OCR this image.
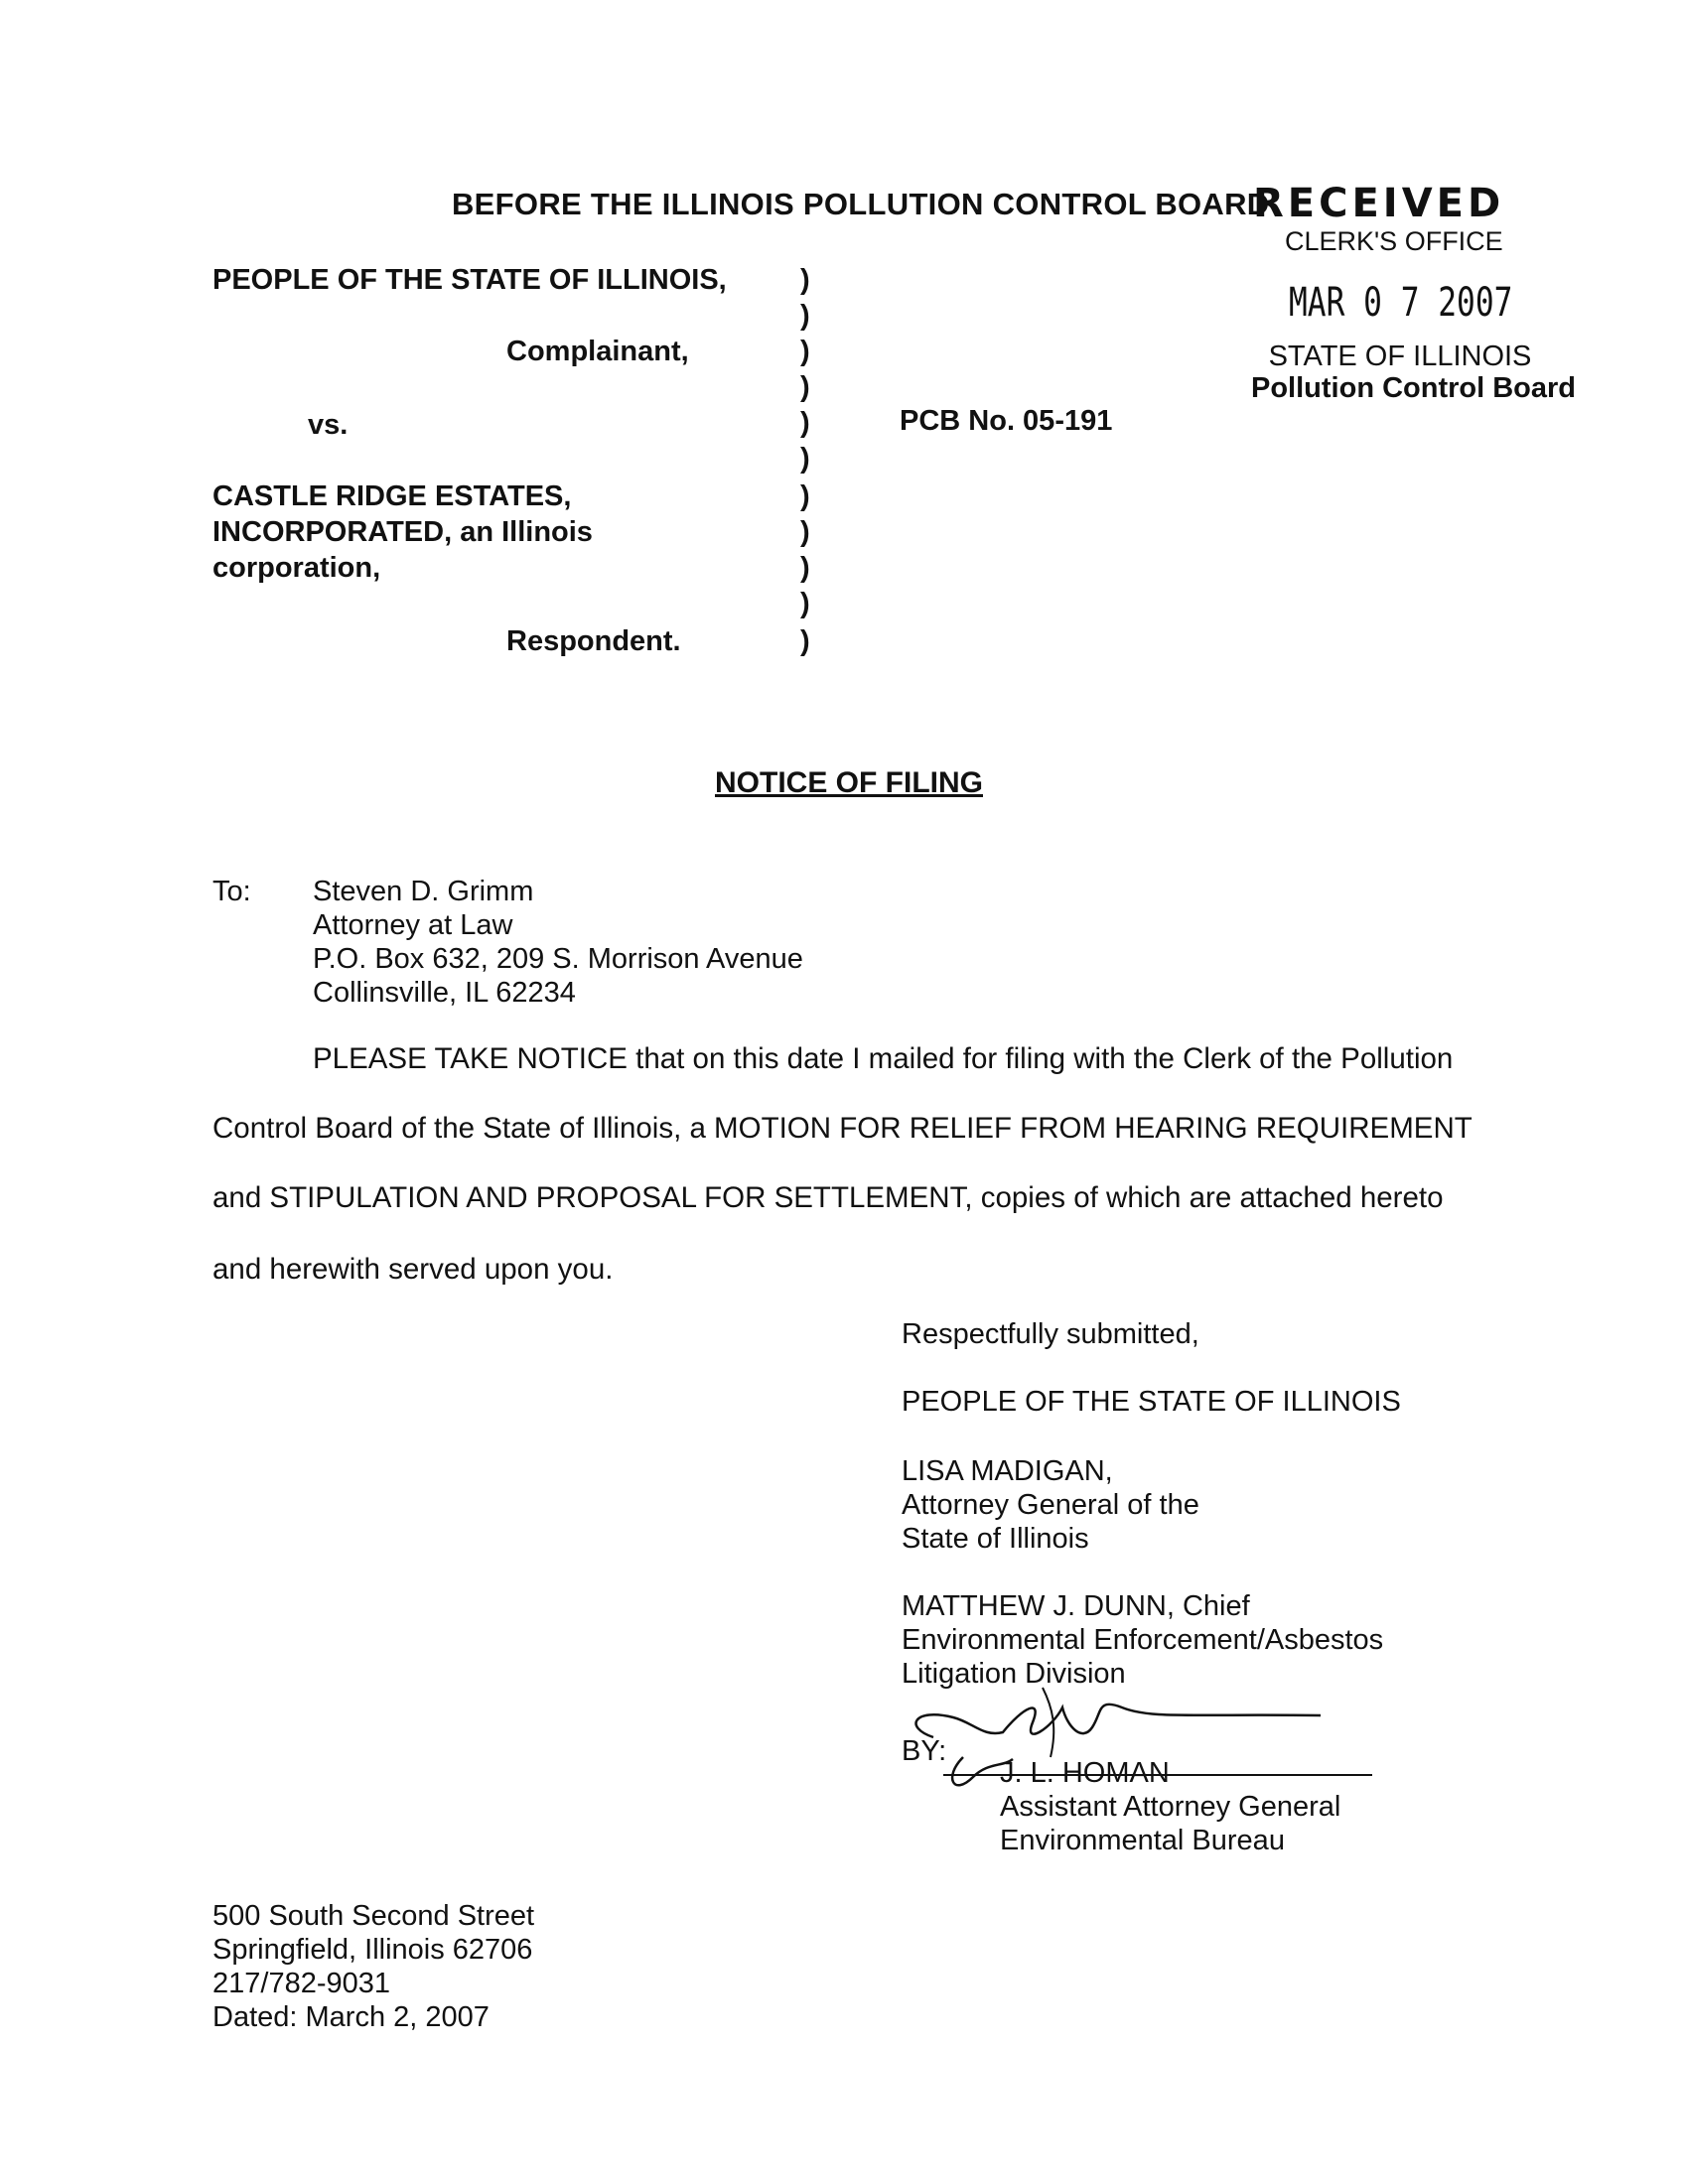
BEFORE THE ILLINOIS POLLUTION CONTROL BOARD
RECEIVED
CLERK'S OFFICE
MAR 0 7 2007
STATE OF ILLINOIS
Pollution Control Board
PEOPLE OF THE STATE OF ILLINOIS,
Complainant,
vs.
CASTLE RIDGE ESTATES,
INCORPORATED, an Illinois
corporation,
Respondent.
)
)
)
)
)
)
)
)
)
)
)
PCB No. 05-191
NOTICE OF FILING
To: Steven D. Grimm
Attorney at Law
P.O. Box 632, 209 S. Morrison Avenue
Collinsville, IL 62234
PLEASE TAKE NOTICE that on this date I mailed for filing with the Clerk of the Pollution
Control Board of the State of Illinois, a MOTION FOR RELIEF FROM HEARING REQUIREMENT
and STIPULATION AND PROPOSAL FOR SETTLEMENT, copies of which are attached hereto
and herewith served upon you.
Respectfully submitted,
PEOPLE OF THE STATE OF ILLINOIS
LISA MADIGAN,
Attorney General of the
State of Illinois
MATTHEW J. DUNN, Chief
Environmental Enforcement/Asbestos
Litigation Division
BY:
J. L. HOMAN
Assistant Attorney General
Environmental Bureau
500 South Second Street
Springfield, Illinois 62706
217/782-9031
Dated: March 2, 2007
